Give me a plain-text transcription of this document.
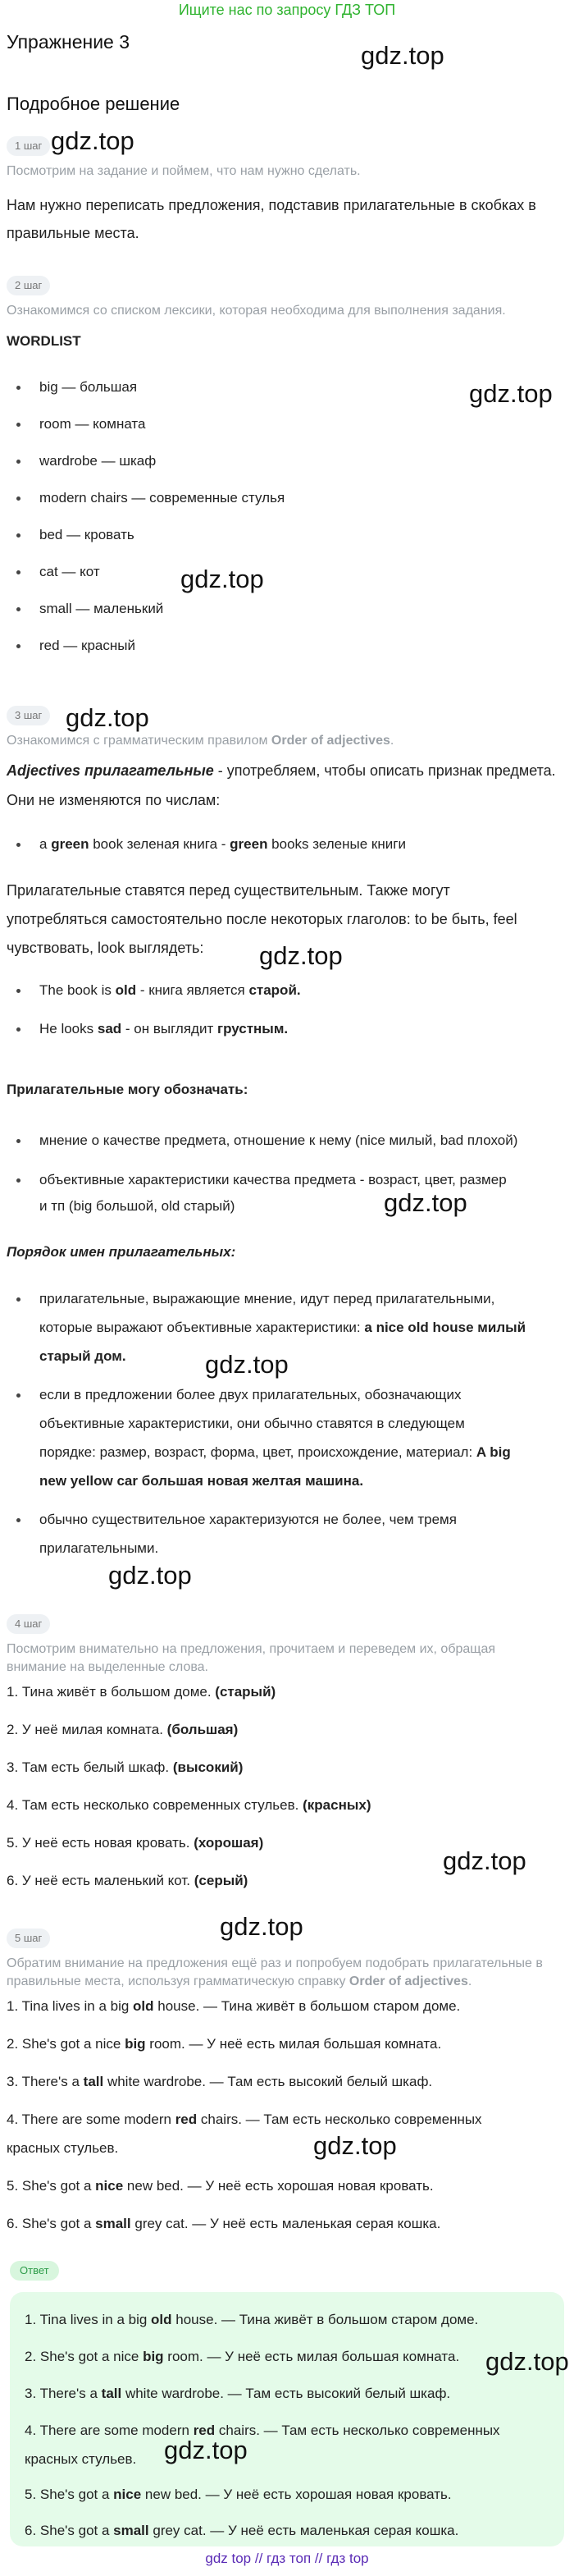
Ищите нас по запросу ГДЗ ТОП
Упражнение 3
Подробное решение
gdz.top
gdz.top
gdz.top
gdz.top
gdz.top
gdz.top
gdz.top
gdz.top
gdz.top
gdz.top
gdz.top
gdz.top
1 шаг
Посмотрим на задание и поймем, что нам нужно сделать.
Нам нужно переписать предложения, подставив прилагательные в скобках в
правильные места.
2 шаг
Ознакомимся со списком лексики, которая необходима для выполнения задания.
WORDLIST
big — большая
room — комната
wardrobe — шкаф
modern chairs — современные стулья
bed — кровать
cat — кот
small — маленький
red — красный
3 шаг
Ознакомимся с грамматическим правилом Order of adjectives.
Adjectives прилагательные - употребляем, чтобы описать признак предмета.
Они не изменяются по числам:
a green book зеленая книга - green books зеленые книги
Прилагательные ставятся перед существительным. Также могут
употребляться самостоятельно после некоторых глаголов: to be быть, feel
чувствовать, look выглядеть:
The book is old - книга является старой.
He looks sad - он выглядит грустным.
Прилагательные могу обозначать:
мнение о качестве предмета, отношение к нему (nice милый, bad плохой)
объективные характеристики качества предмета - возраст, цвет, размер
и тп (big большой, old старый)
Порядок имен прилагательных:
прилагательные, выражающие мнение, идут перед прилагательными,
которые выражают объективные характеристики: a nice old house милый
старый дом.
если в предложении более двух прилагательных, обозначающих
объективные характеристики, они обычно ставятся в следующем
порядке: размер, возраст, форма, цвет, происхождение, материал: A big
new yellow car большая новая желтая машина.
обычно существительное характеризуются не более, чем тремя
прилагательными.
4 шаг
Посмотрим внимательно на предложения, прочитаем и переведем их, обращая
внимание на выделенные слова.
1. Тина живёт в большом доме. (старый)
2. У неё милая комната. (большая)
3. Там есть белый шкаф. (высокий)
4. Там есть несколько современных стульев. (красных)
5. У неё есть новая кровать. (хорошая)
6. У неё есть маленький кот. (серый)
5 шаг
Обратим внимание на предложения ещё раз и попробуем подобрать прилагательные в
правильные места, используя грамматическую справку Order of adjectives.
1. Tina lives in a big old house. — Тина живёт в большом старом доме.
2. She's got a nice big room. — У неё есть милая большая комната.
3. There's a tall white wardrobe. — Там есть высокий белый шкаф.
4. There are some modern red chairs. — Там есть несколько современных
красных стульев.
5. She's got a nice new bed. — У неё есть хорошая новая кровать.
6. She's got a small grey cat. — У неё есть маленькая серая кошка.
Ответ
1. Tina lives in a big old house. — Тина живёт в большом старом доме.
2. She's got a nice big room. — У неё есть милая большая комната.
3. There's a tall white wardrobe. — Там есть высокий белый шкаф.
4. There are some modern red chairs. — Там есть несколько современных
красных стульев.
5. She's got a nice new bed. — У неё есть хорошая новая кровать.
6. She's got a small grey cat. — У неё есть маленькая серая кошка.
gdz.top
gdz.top
gdz top // гдз топ // гдз top
